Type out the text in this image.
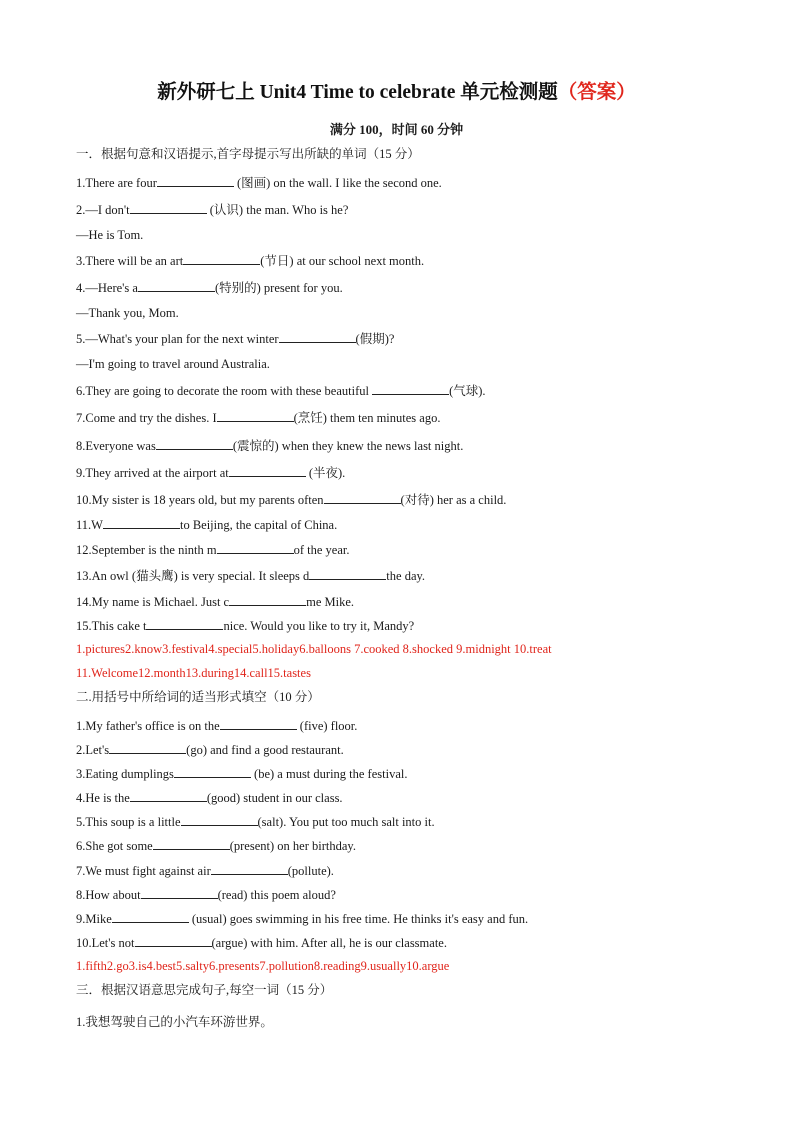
新外研七上 Unit4 Time to celebrate 单元检测题（答案）
满分 100，时间 60 分钟
一．根据句意和汉语提示,首字母提示写出所缺的单词（15 分）
1.There are four	(图画) on the wall. I like the second one.
2.—I don't	(认识) the man. Who is he?
—He is Tom.
3.There will be an art	(节日) at our school next month.
4.—Here's a	(特别的) present for you.
—Thank you, Mom.
5.—What's your plan for the next winter	(假期)?
—I'm going to travel around Australia.
6.They are going to decorate the room with these beautiful	(气球).
7.Come and try the dishes. I	(烹饪) them ten minutes ago.
8.Everyone was	(震惊的) when they knew the news last night.
9.They arrived at the airport at	(半夜).
10.My sister is 18 years old, but my parents often	(对待) her as a child.
11.W	to Beijing, the capital of China.
12.September is the ninth m	of the year.
13.An owl (猫头鹰) is very special. It sleeps d	the day.
14.My name is Michael. Just c	me Mike.
15.This cake t	nice. Would you like to try it, Mandy?
1.pictures2.know3.festival4.special5.holiday6.balloons 7.cooked 8.shocked 9.midnight 10.treat
11.Welcome12.month13.during14.call15.tastes
二.用括号中所给词的适当形式填空（10 分）
1.My father's office is on the	(five) floor.
2.Let's	(go) and find a good restaurant.
3.Eating dumplings	(be) a must during the festival.
4.He is the	(good) student in our class.
5.This soup is a little	(salt). You put too much salt into it.
6.She got some	(present) on her birthday.
7.We must fight against air	(pollute).
8.How about	(read) this poem aloud?
9.Mike	(usual) goes swimming in his free time. He thinks it's easy and fun.
10.Let's not	(argue) with him. After all, he is our classmate.
1.fifth2.go3.is4.best5.salty6.presents7.pollution8.reading9.usually10.argue
三．根据汉语意思完成句子,每空一词（15 分）
1.我想驾驶自己的小汽车环游世界。
